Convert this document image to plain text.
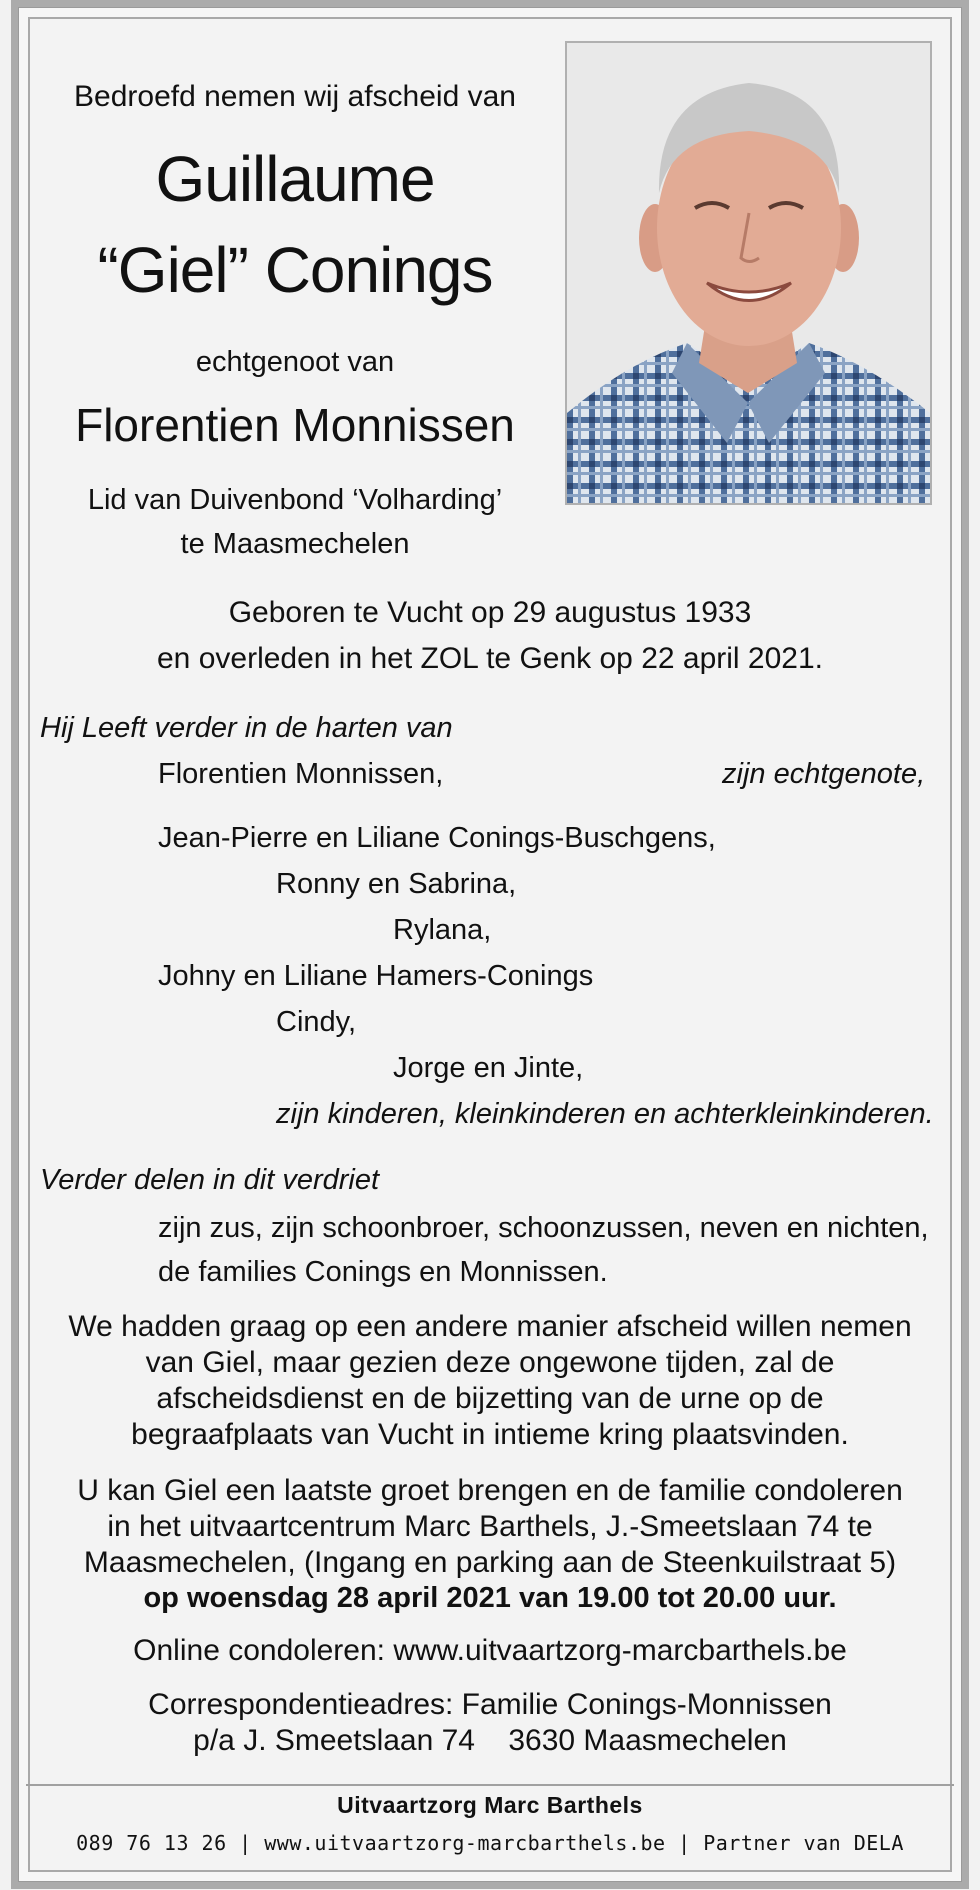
Bedroefd nemen wij afscheid van
Guillaume
“Giel” Conings
echtgenoot van
Florentien Monnissen
Lid van Duivenbond ‘Volharding’
te Maasmechelen
Geboren te Vucht op 29 augustus 1933
en overleden in het ZOL te Genk op 22 april 2021.
Hij Leeft verder in de harten van
Florentien Monnissen,	zijn echtgenote,
Jean-Pierre en Liliane Conings-Buschgens,
Ronny en Sabrina,
Rylana,
Johny en Liliane Hamers-Conings
Cindy,
Jorge en Jinte,
zijn kinderen, kleinkinderen en achterkleinkinderen.
Verder delen in dit verdriet
zijn zus, zijn schoonbroer, schoonzussen, neven en nichten,
de families Conings en Monnissen.
We hadden graag op een andere manier afscheid willen nemen
van Giel, maar gezien deze ongewone tijden, zal de
afscheidsdienst en de bijzetting van de urne op de
begraafplaats van Vucht in intieme kring plaatsvinden.
U kan Giel een laatste groet brengen en de familie condoleren
in het uitvaartcentrum Marc Barthels, J.-Smeetslaan 74 te
Maasmechelen, (Ingang en parking aan de Steenkuilstraat 5)
op woensdag 28 april 2021 van 19.00 tot 20.00 uur.
Online condoleren: www.uitvaartzorg-marcbarthels.be
Correspondentieadres: Familie Conings-Monnissen
p/a J. Smeetslaan 74    3630 Maasmechelen
Uitvaartzorg Marc Barthels
089 76 13 26 | www.uitvaartzorg-marcbarthels.be | Partner van DELA
